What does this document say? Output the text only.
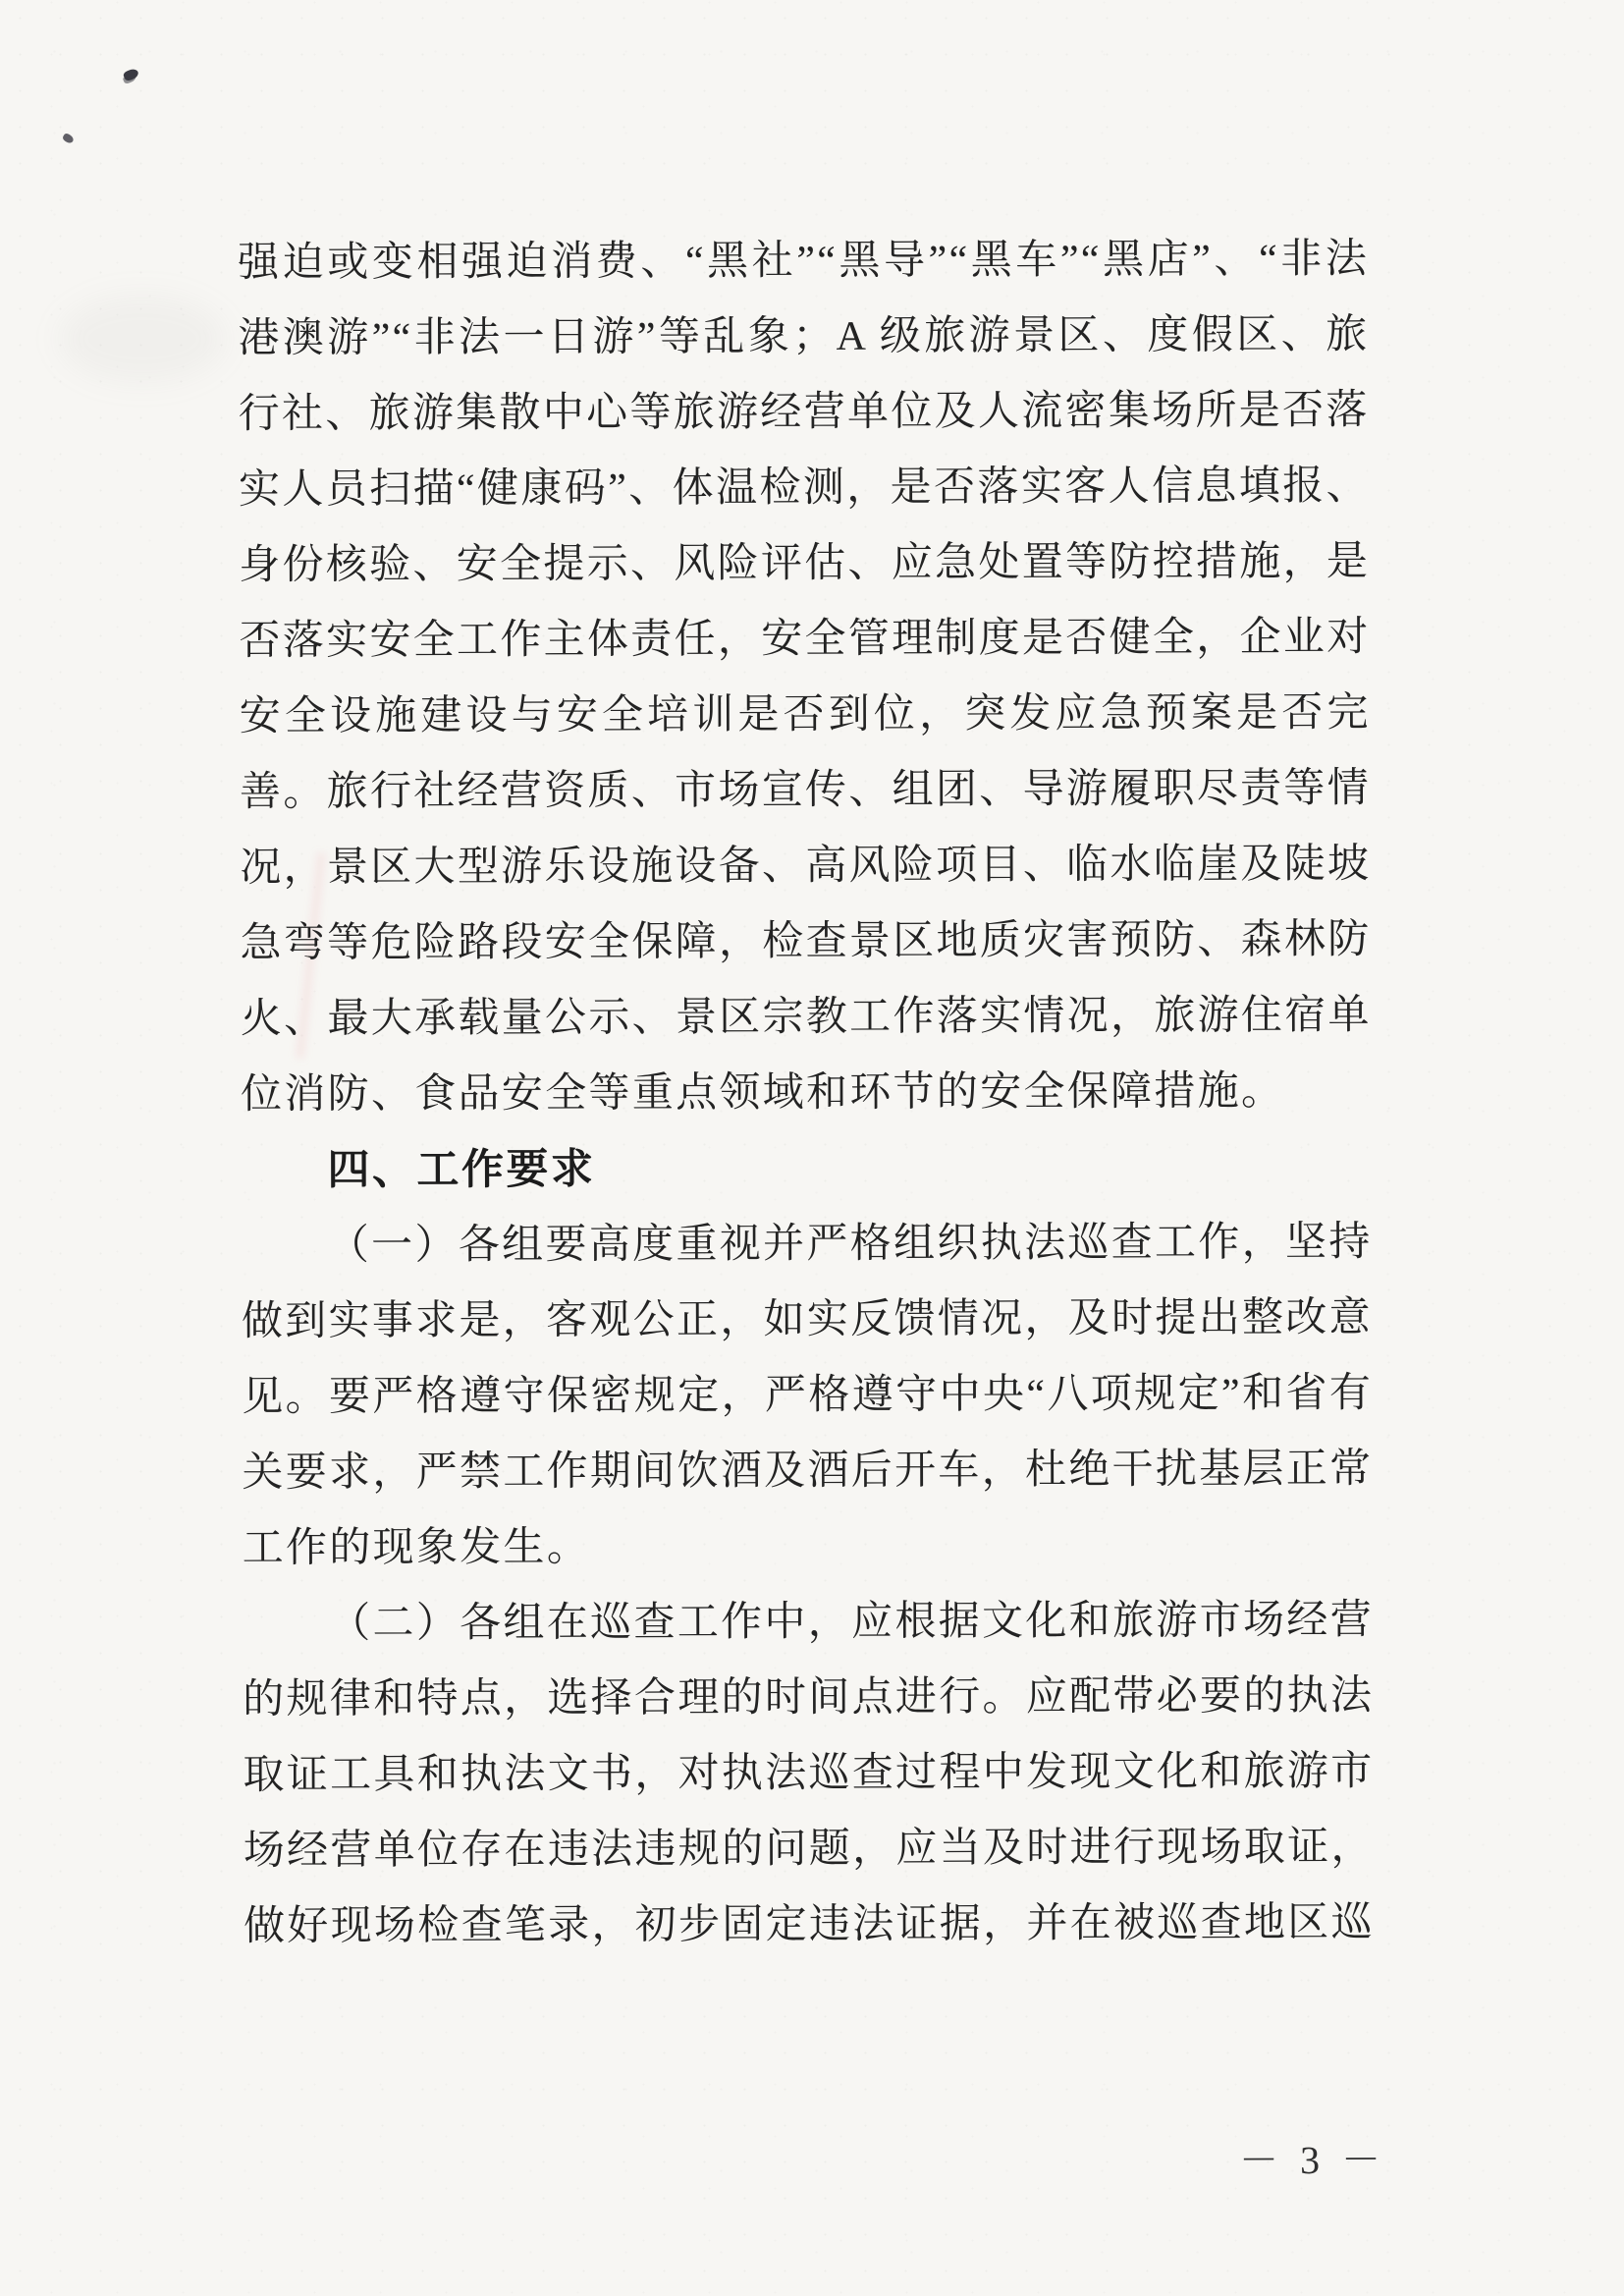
强迫或变相强迫消费、“黑社”“黑导”“黑车”“黑店”、“非法港澳游”“非法一日游”等乱象；A 级旅游景区、度假区、旅行社、旅游集散中心等旅游经营单位及人流密集场所是否落实人员扫描“健康码”、体温检测，是否落实客人信息填报、身份核验、安全提示、风险评估、应急处置等防控措施，是否落实安全工作主体责任，安全管理制度是否健全，企业对安全设施建设与安全培训是否到位，突发应急预案是否完善。旅行社经营资质、市场宣传、组团、导游履职尽责等情况，景区大型游乐设施设备、高风险项目、临水临崖及陡坡急弯等危险路段安全保障，检查景区地质灾害预防、森林防火、最大承载量公示、景区宗教工作落实情况，旅游住宿单位消防、食品安全等重点领域和环节的安全保障措施。

四、工作要求

（一）各组要高度重视并严格组织执法巡查工作，坚持做到实事求是，客观公正，如实反馈情况，及时提出整改意见。要严格遵守保密规定，严格遵守中央“八项规定”和省有关要求，严禁工作期间饮酒及酒后开车，杜绝干扰基层正常工作的现象发生。

（二）各组在巡查工作中，应根据文化和旅游市场经营的规律和特点，选择合理的时间点进行。应配带必要的执法取证工具和执法文书，对执法巡查过程中发现文化和旅游市场经营单位存在违法违规的问题，应当及时进行现场取证，做好现场检查笔录，初步固定违法证据，并在被巡查地区巡

－ 3 －
